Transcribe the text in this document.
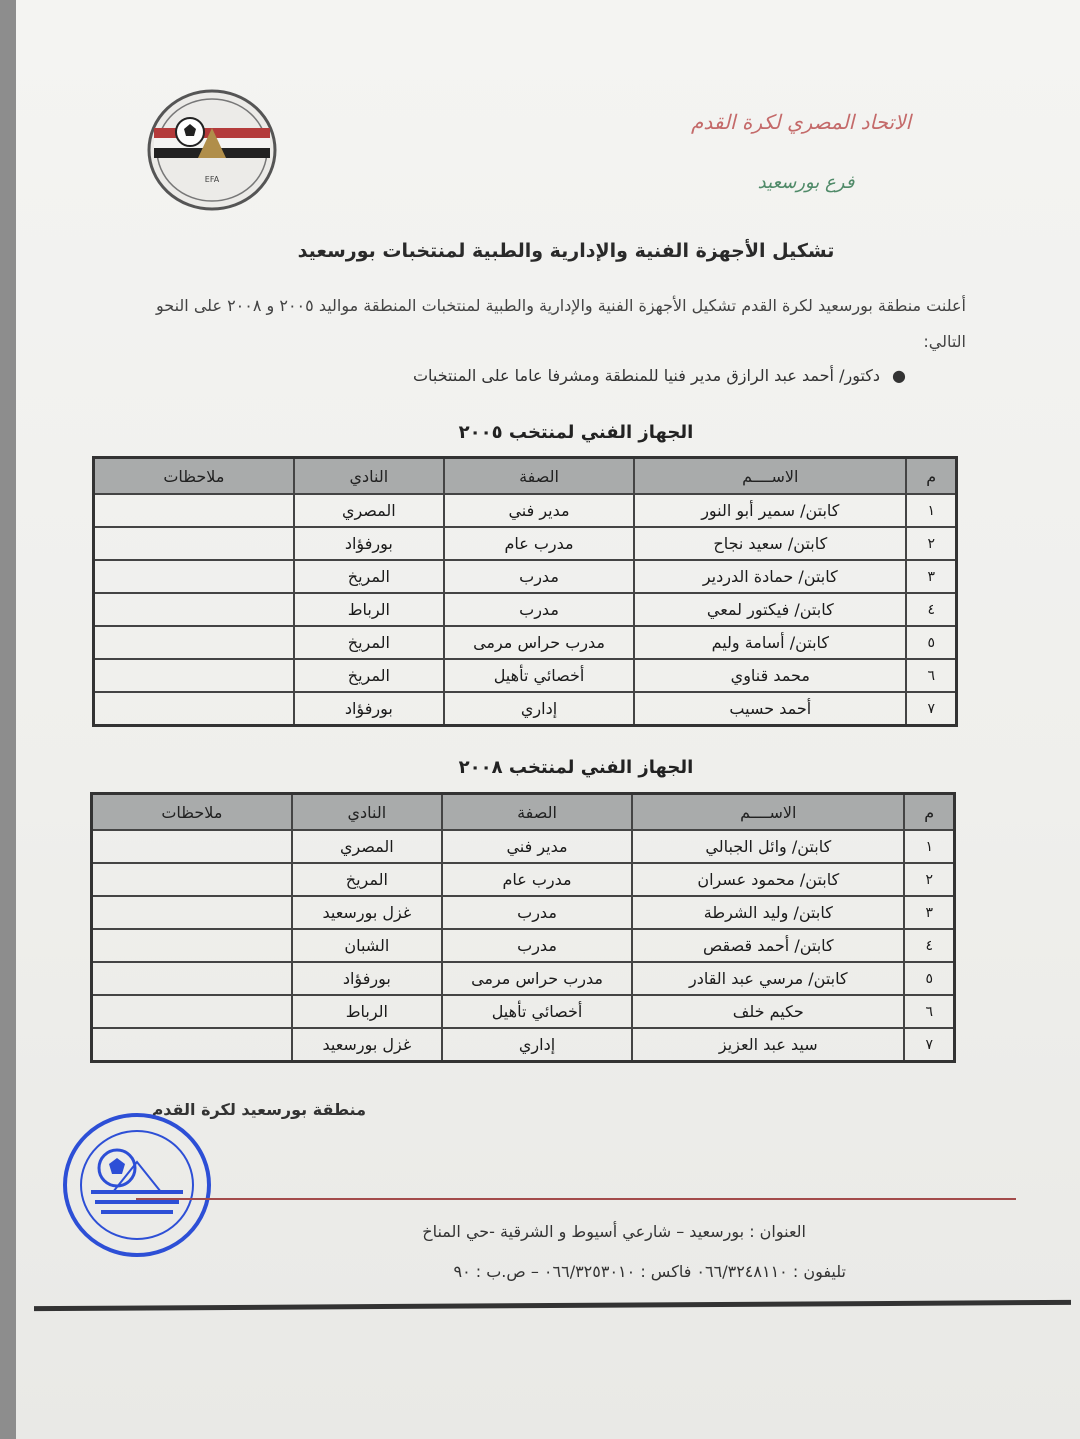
EFA
الاتحاد المصري لكرة القدم
فرع بورسعيد
تشكيل الأجهزة الفنية والإدارية والطبية لمنتخبات بورسعيد
أعلنت منطقة بورسعيد لكرة القدم تشكيل الأجهزة الفنية والإدارية والطبية لمنتخبات المنطقة مواليد ٢٠٠٥ و ٢٠٠٨ على النحو التالي:
●دكتور/ أحمد عبد الرازق مدير فنيا للمنطقة ومشرفا عاما على المنتخبات
الجهاز الفني لمنتخب ٢٠٠٥
م	الاســــم	الصفة	النادي	ملاحظات
١	كابتن/ سمير أبو النور	مدير فني	المصري	
٢	كابتن/ سعيد نجاح	مدرب عام	بورفؤاد	
٣	كابتن/ حمادة الدردير	مدرب	المريخ	
٤	كابتن/ فيكتور لمعي	مدرب	الرباط	
٥	كابتن/ أسامة وليم	مدرب حراس مرمى	المريخ	
٦	محمد قناوي	أخصائي تأهيل	المريخ	
٧	أحمد حسيب	إداري	بورفؤاد	
الجهاز الفني لمنتخب ٢٠٠٨
م	الاســــم	الصفة	النادي	ملاحظات
١	كابتن/ وائل الجبالي	مدير فني	المصري	
٢	كابتن/ محمود عسران	مدرب عام	المريخ	
٣	كابتن/ وليد الشرطة	مدرب	غزل بورسعيد	
٤	كابتن/ أحمد قصقص	مدرب	الشبان	
٥	كابتن/ مرسي عبد القادر	مدرب حراس مرمى	بورفؤاد	
٦	حكيم خلف	أخصائي تأهيل	الرباط	
٧	سيد عبد العزيز	إداري	غزل بورسعيد	
منطقة بورسعيد لكرة القدم
العنوان : بورسعيد – شارعي أسيوط و الشرقية -حي المناخ
تليفون : ٠٦٦/٣٢٤٨١١٠ فاكس : ٠٦٦/٣٢٥٣٠١٠ – ص.ب : ٩٠
